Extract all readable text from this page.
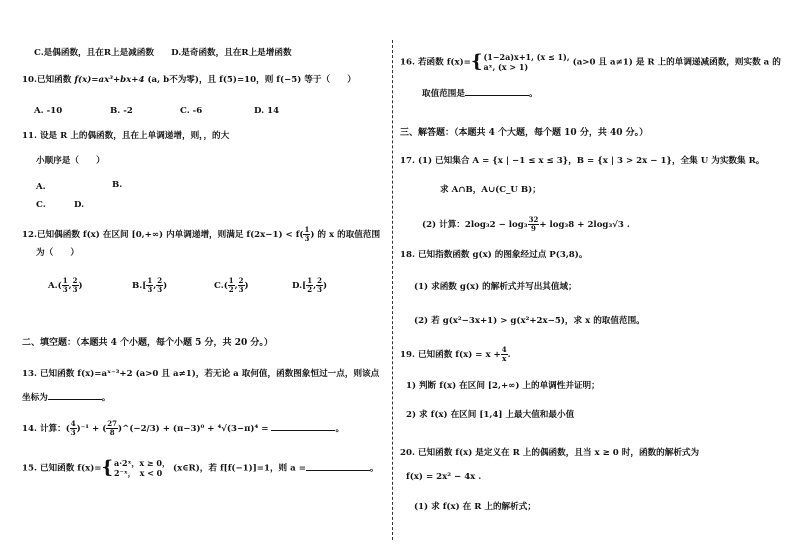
C.是偶函数，且在R上是减函数　　D.是奇函数，且在R上是增函数
10.已知函数 f(x)=ax³+bx+4 (a, b不为零)，且 f(5)=10，则 f(−5) 等于（　　）
A. -10	B. -2	C. -6	D. 14
11. 设是 R 上的偶函数，且在上单调递增，则，，的大
小顺序是（　　）
A.	B.
C.	D.
12.已知偶函数 f(x) 在区间 [0,+∞) 内单调递增，则满足 $f(2x-1) < f( \frac{1}{3}$ ) 的 x 的取值范围
为（　　）
$A.( \frac{1}{3}$ , $\frac{2}{3}$ )	$B.[ \frac{1}{3}$ , $\frac{2}{3}$ )	$C.( \frac{1}{2}$ , $\frac{2}{3}$ )	$D.[ \frac{1}{2}$ , $\frac{2}{3}$ )
二、填空题：（本题共 4 个小题，每个小题 5 分，共 20 分。）
13. 已知函数 f(x)=aˣ⁻³+2 (a>0 且 a≠1)，若无论 a 取何值，函数图象恒过一点，则该点
坐标为	。
14. 计算：( $\frac{4}{3} )^{-1}$ + ( $\frac{27}{8}$ )^(−2/3) + (π−3)⁰ + ⁴√(3−π)⁴ =	。
15. 已知函数 f(x)={ a·2ˣ，x ≥ 0，
2⁻ˣ，　x < 0	(x∈R)，若 f[f(−1)]=1，则 a =	。
16. 若函数 f(x)={ (1−2a)x+1, (x ≤ 1),
aˣ, (x > 1)	(a>0 且 a≠1) 是 R 上的单调递减函数，则实数 a 的
取值范围是	。
三、解答题：（本题共 4 个大题，每个题 10 分，共 40 分。）
17. (1) 已知集合 A = {x | −1 ≤ x ≤ 3}，B = {x | 3 > 2x − 1}，全集 U 为实数集 R。
求 A∩B，A∪(C_U B)；
(2) 计算：$2\log_32 - \log_3 \frac{32}{9} + \log_38 + 2\log_3√3$ .
18. 已知指数函数 g(x) 的图象经过点 P(3,8)。
(1) 求函数 g(x) 的解析式并写出其值域；
(2) 若 g(x²−3x+1) > g(x²+2x−5)，求 x 的取值范围。
19. 已知函数 $f(x) = x + \frac{4}{x}$ .
1) 判断 f(x) 在区间 [2,+∞) 上的单调性并证明；
2) 求 f(x) 在区间 [1,4] 上最大值和最小值
20. 已知函数 f(x) 是定义在 R 上的偶函数，且当 x ≥ 0 时，函数的解析式为
f(x) = 2x² − 4x .
(1) 求 f(x) 在 R 上的解析式；
